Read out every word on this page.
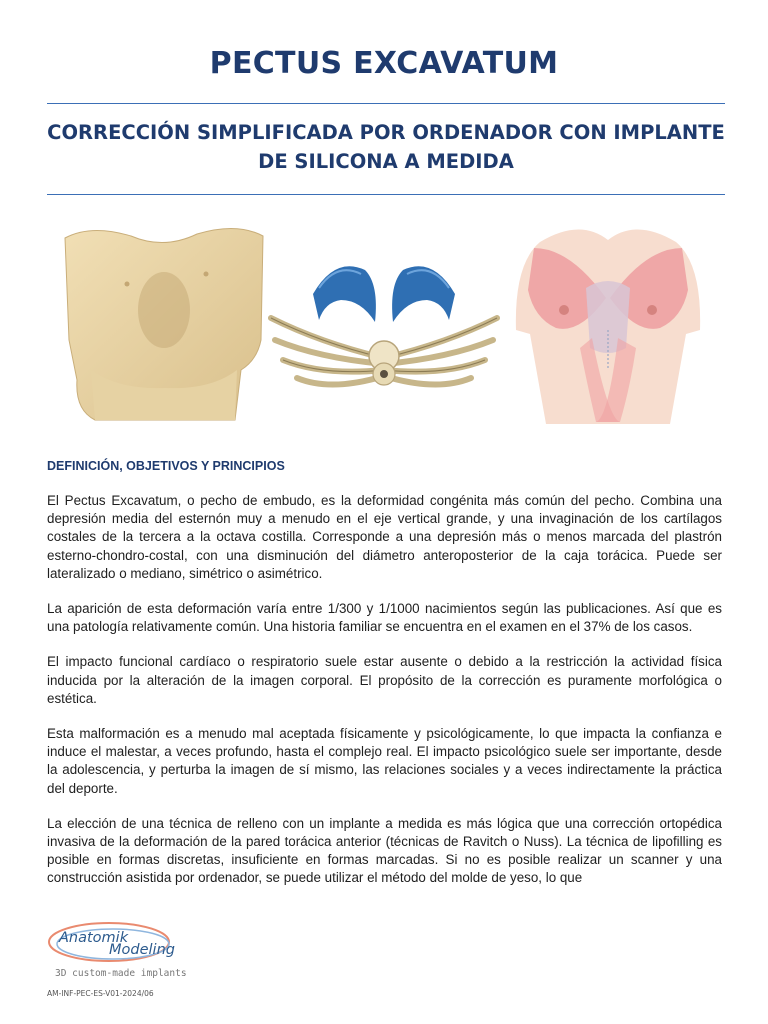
PECTUS EXCAVATUM
CORRECCIÓN SIMPLIFICADA POR ORDENADOR CON IMPLANTE
DE SILICONA A MEDIDA
DEFINICIÓN, OBJETIVOS Y PRINCIPIOS

El Pectus Excavatum, o pecho de embudo, es la deformidad congénita más común del pecho. Combina una depresión media del esternón muy a menudo en el eje vertical grande, y una invaginación de los cartílagos costales de la tercera a la octava costilla. Corresponde a una depresión más o menos marcada del plastrón esterno-chondro-costal, con una disminución del diámetro anteroposterior de la caja torácica. Puede ser lateralizado o mediano, simétrico o asimétrico.

La aparición de esta deformación varía entre 1/300 y 1/1000 nacimientos según las publicaciones. Así que es una patología relativamente común. Una historia familiar se encuentra en el examen en el 37% de los casos.

El impacto funcional cardíaco o respiratorio suele estar ausente o debido a la restricción la actividad física inducida por la alteración de la imagen corporal. El propósito de la corrección es puramente morfológica o estética.

Esta malformación es a menudo mal aceptada físicamente y psicológicamente, lo que impacta la confianza e induce el malestar, a veces profundo, hasta el complejo real. El impacto psicológico suele ser importante, desde la adolescencia, y perturba la imagen de sí mismo, las relaciones sociales y a veces indirectamente la práctica del deporte.

La elección de una técnica de relleno con un implante a medida es más lógica que una corrección ortopédica invasiva de la deformación de la pared torácica anterior (técnicas de Ravitch o Nuss). La técnica de lipofilling es posible en formas discretas, insuficiente en formas marcadas. Si no es posible realizar un scanner y una construcción asistida por ordenador, se puede utilizar el método del molde de yeso, lo que

Anatomik
Modeling
3D custom-made implants
AM-INF-PEC-ES-V01-2024/06
